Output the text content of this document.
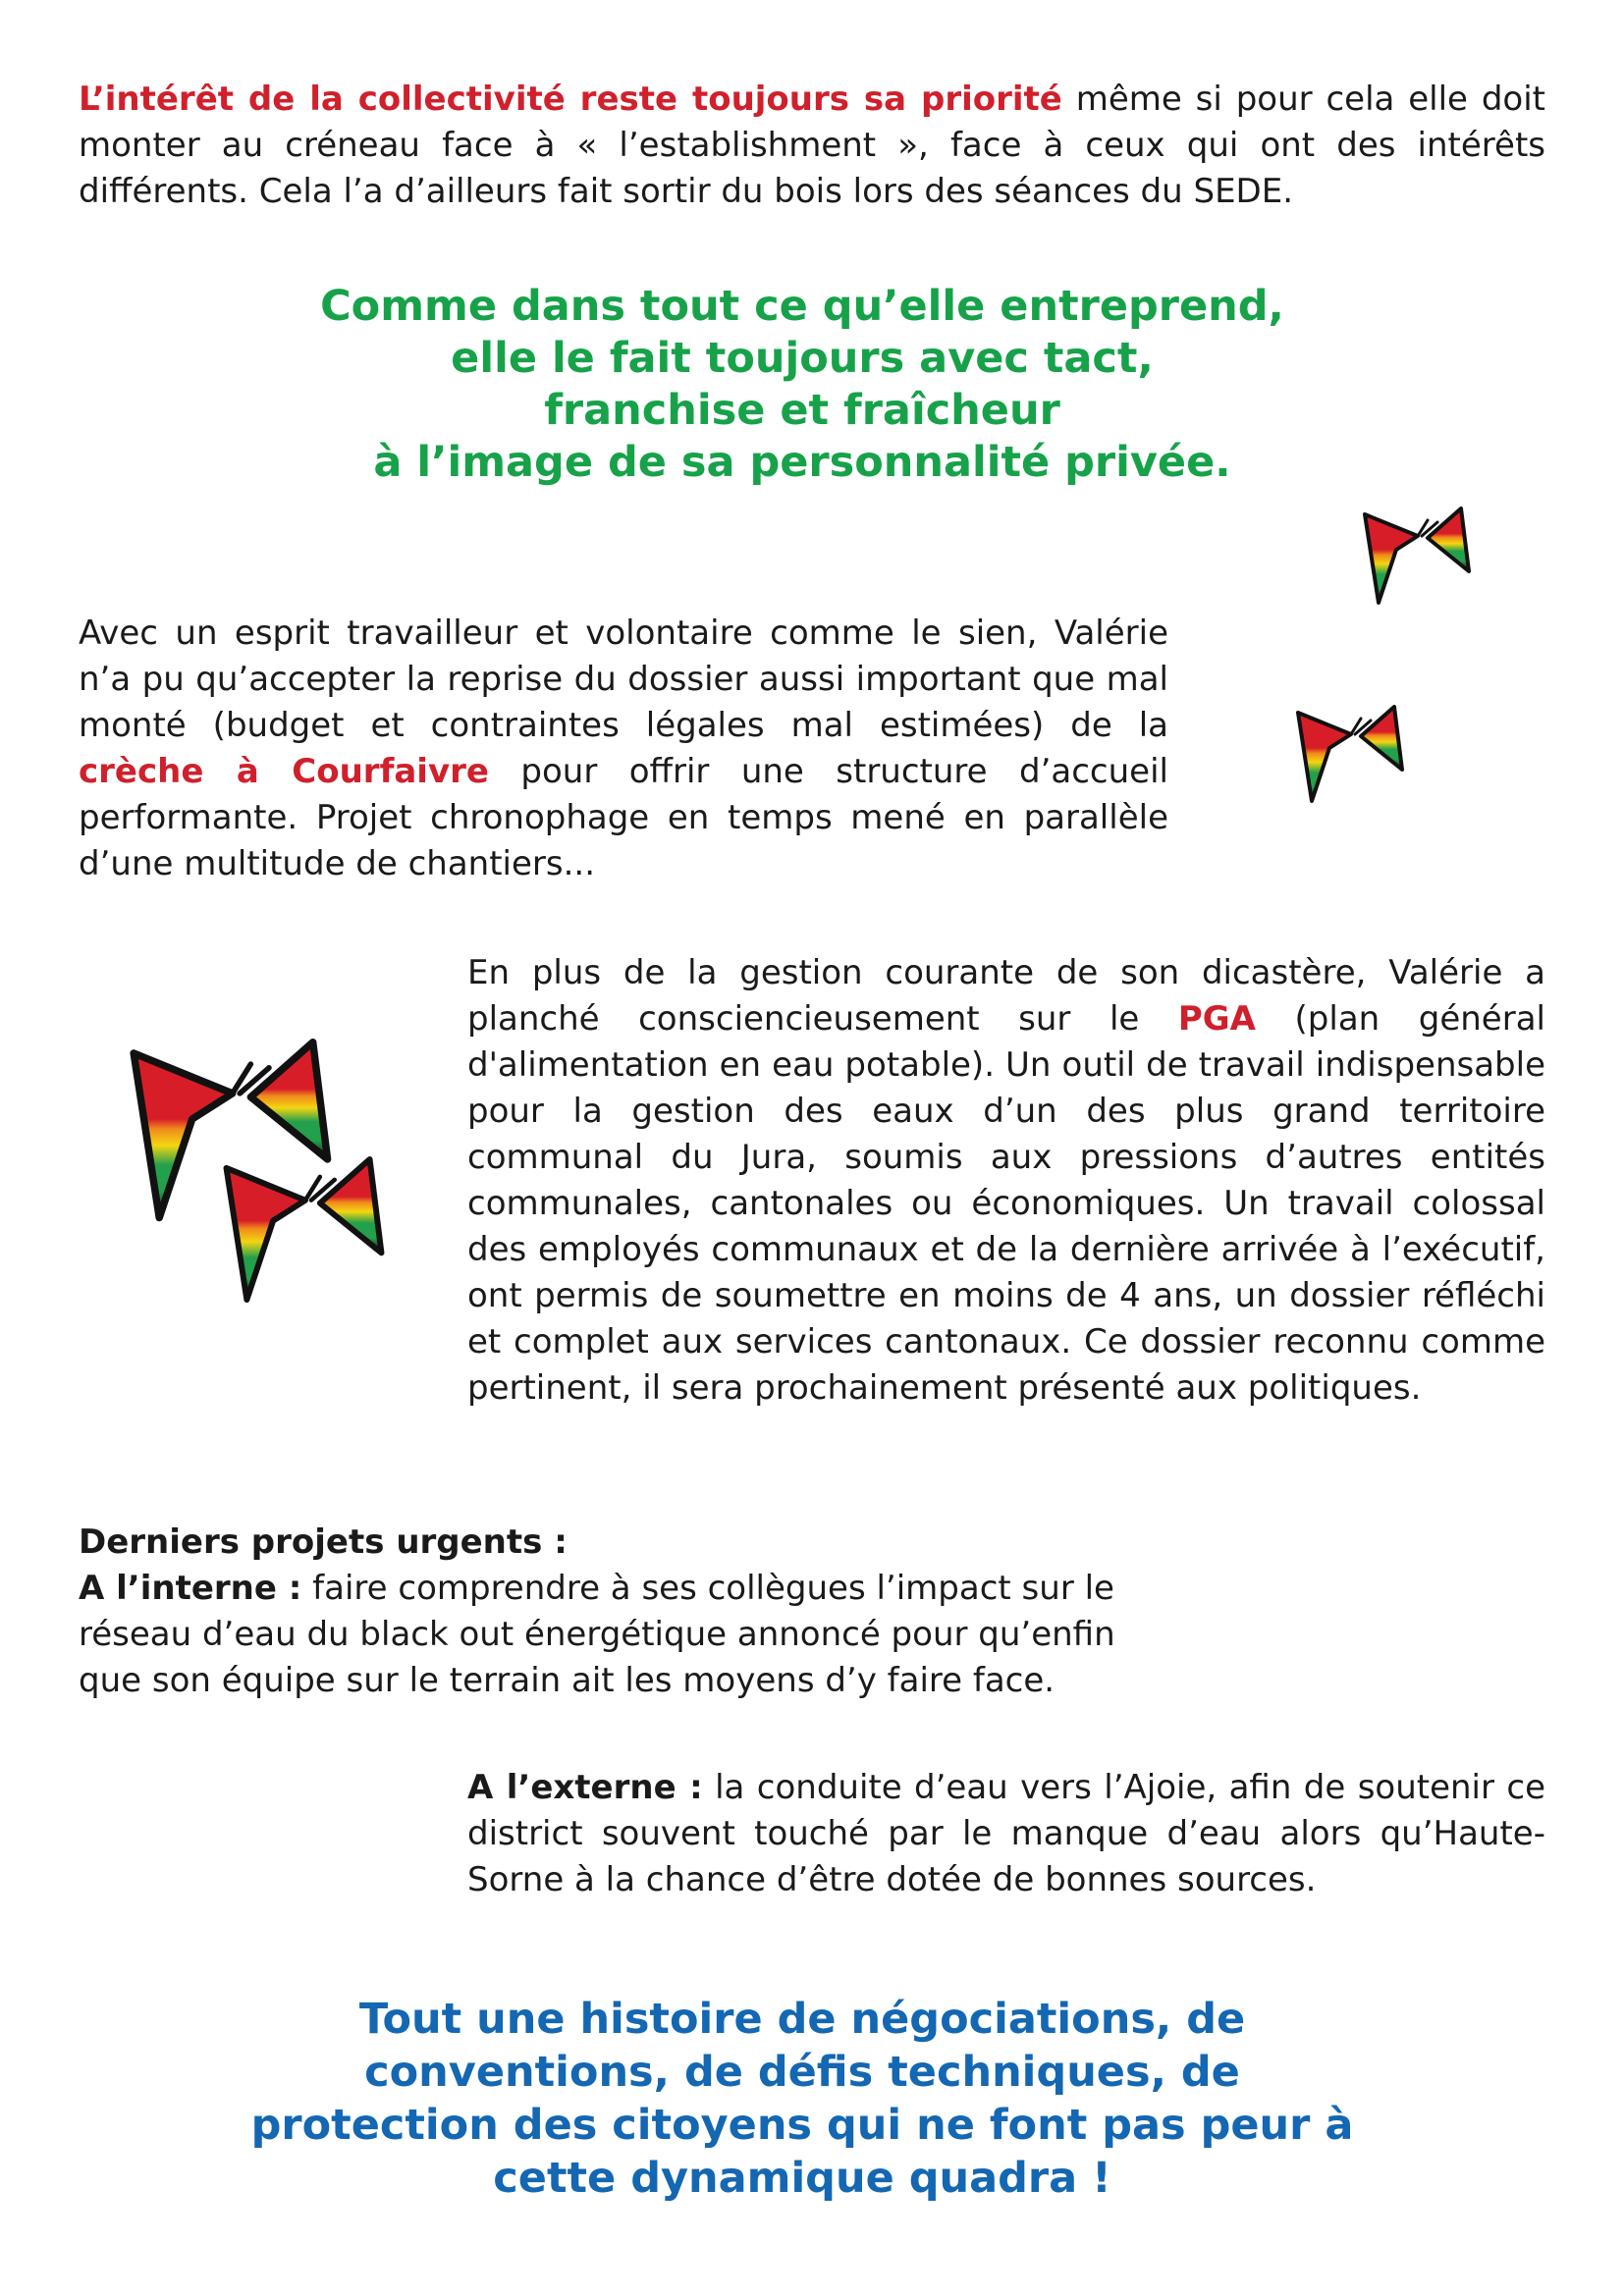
L’intérêt de la collectivité reste toujours sa priorité même si pour cela elle doit monter au créneau face à « l’establishment », face à ceux qui ont des intérêts différents. Cela l’a d’ailleurs fait sortir du bois lors des séances du SEDE.

Comme dans tout ce qu’elle entreprend,
elle le fait toujours avec tact,
franchise et fraîcheur
à l’image de sa personnalité privée.

Avec un esprit travailleur et volontaire comme le sien, Valérie n’a pu qu’accepter la reprise du dossier aussi important que mal monté (budget et contraintes légales mal estimées) de la crèche à Courfaivre pour offrir une structure d’accueil performante. Projet chronophage en temps mené en parallèle d’une multitude de chantiers...

En plus de la gestion courante de son dicastère, Valérie a planché consciencieusement sur le PGA (plan général d'alimentation en eau potable). Un outil de travail indispensable pour la gestion des eaux d’un des plus grand territoire communal du Jura, soumis aux pressions d’autres entités communales, cantonales ou économiques. Un travail colossal des employés communaux et de la dernière arrivée à l’exécutif, ont permis de soumettre en moins de 4 ans, un dossier réfléchi et complet aux services cantonaux. Ce dossier reconnu comme pertinent, il sera prochainement présenté aux politiques.

Derniers projets urgents :

A l’interne : faire comprendre à ses collègues l’impact sur le réseau d’eau du black out énergétique annoncé pour qu’enfin que son équipe sur le terrain ait les moyens d’y faire face.

A l’externe : la conduite d’eau vers l’Ajoie, afin de soutenir ce district souvent touché par le manque d’eau alors qu’Haute-Sorne à la chance d’être dotée de bonnes sources.

Tout une histoire de négociations, de
conventions, de défis techniques, de
protection des citoyens qui ne font pas peur à
cette dynamique quadra !
